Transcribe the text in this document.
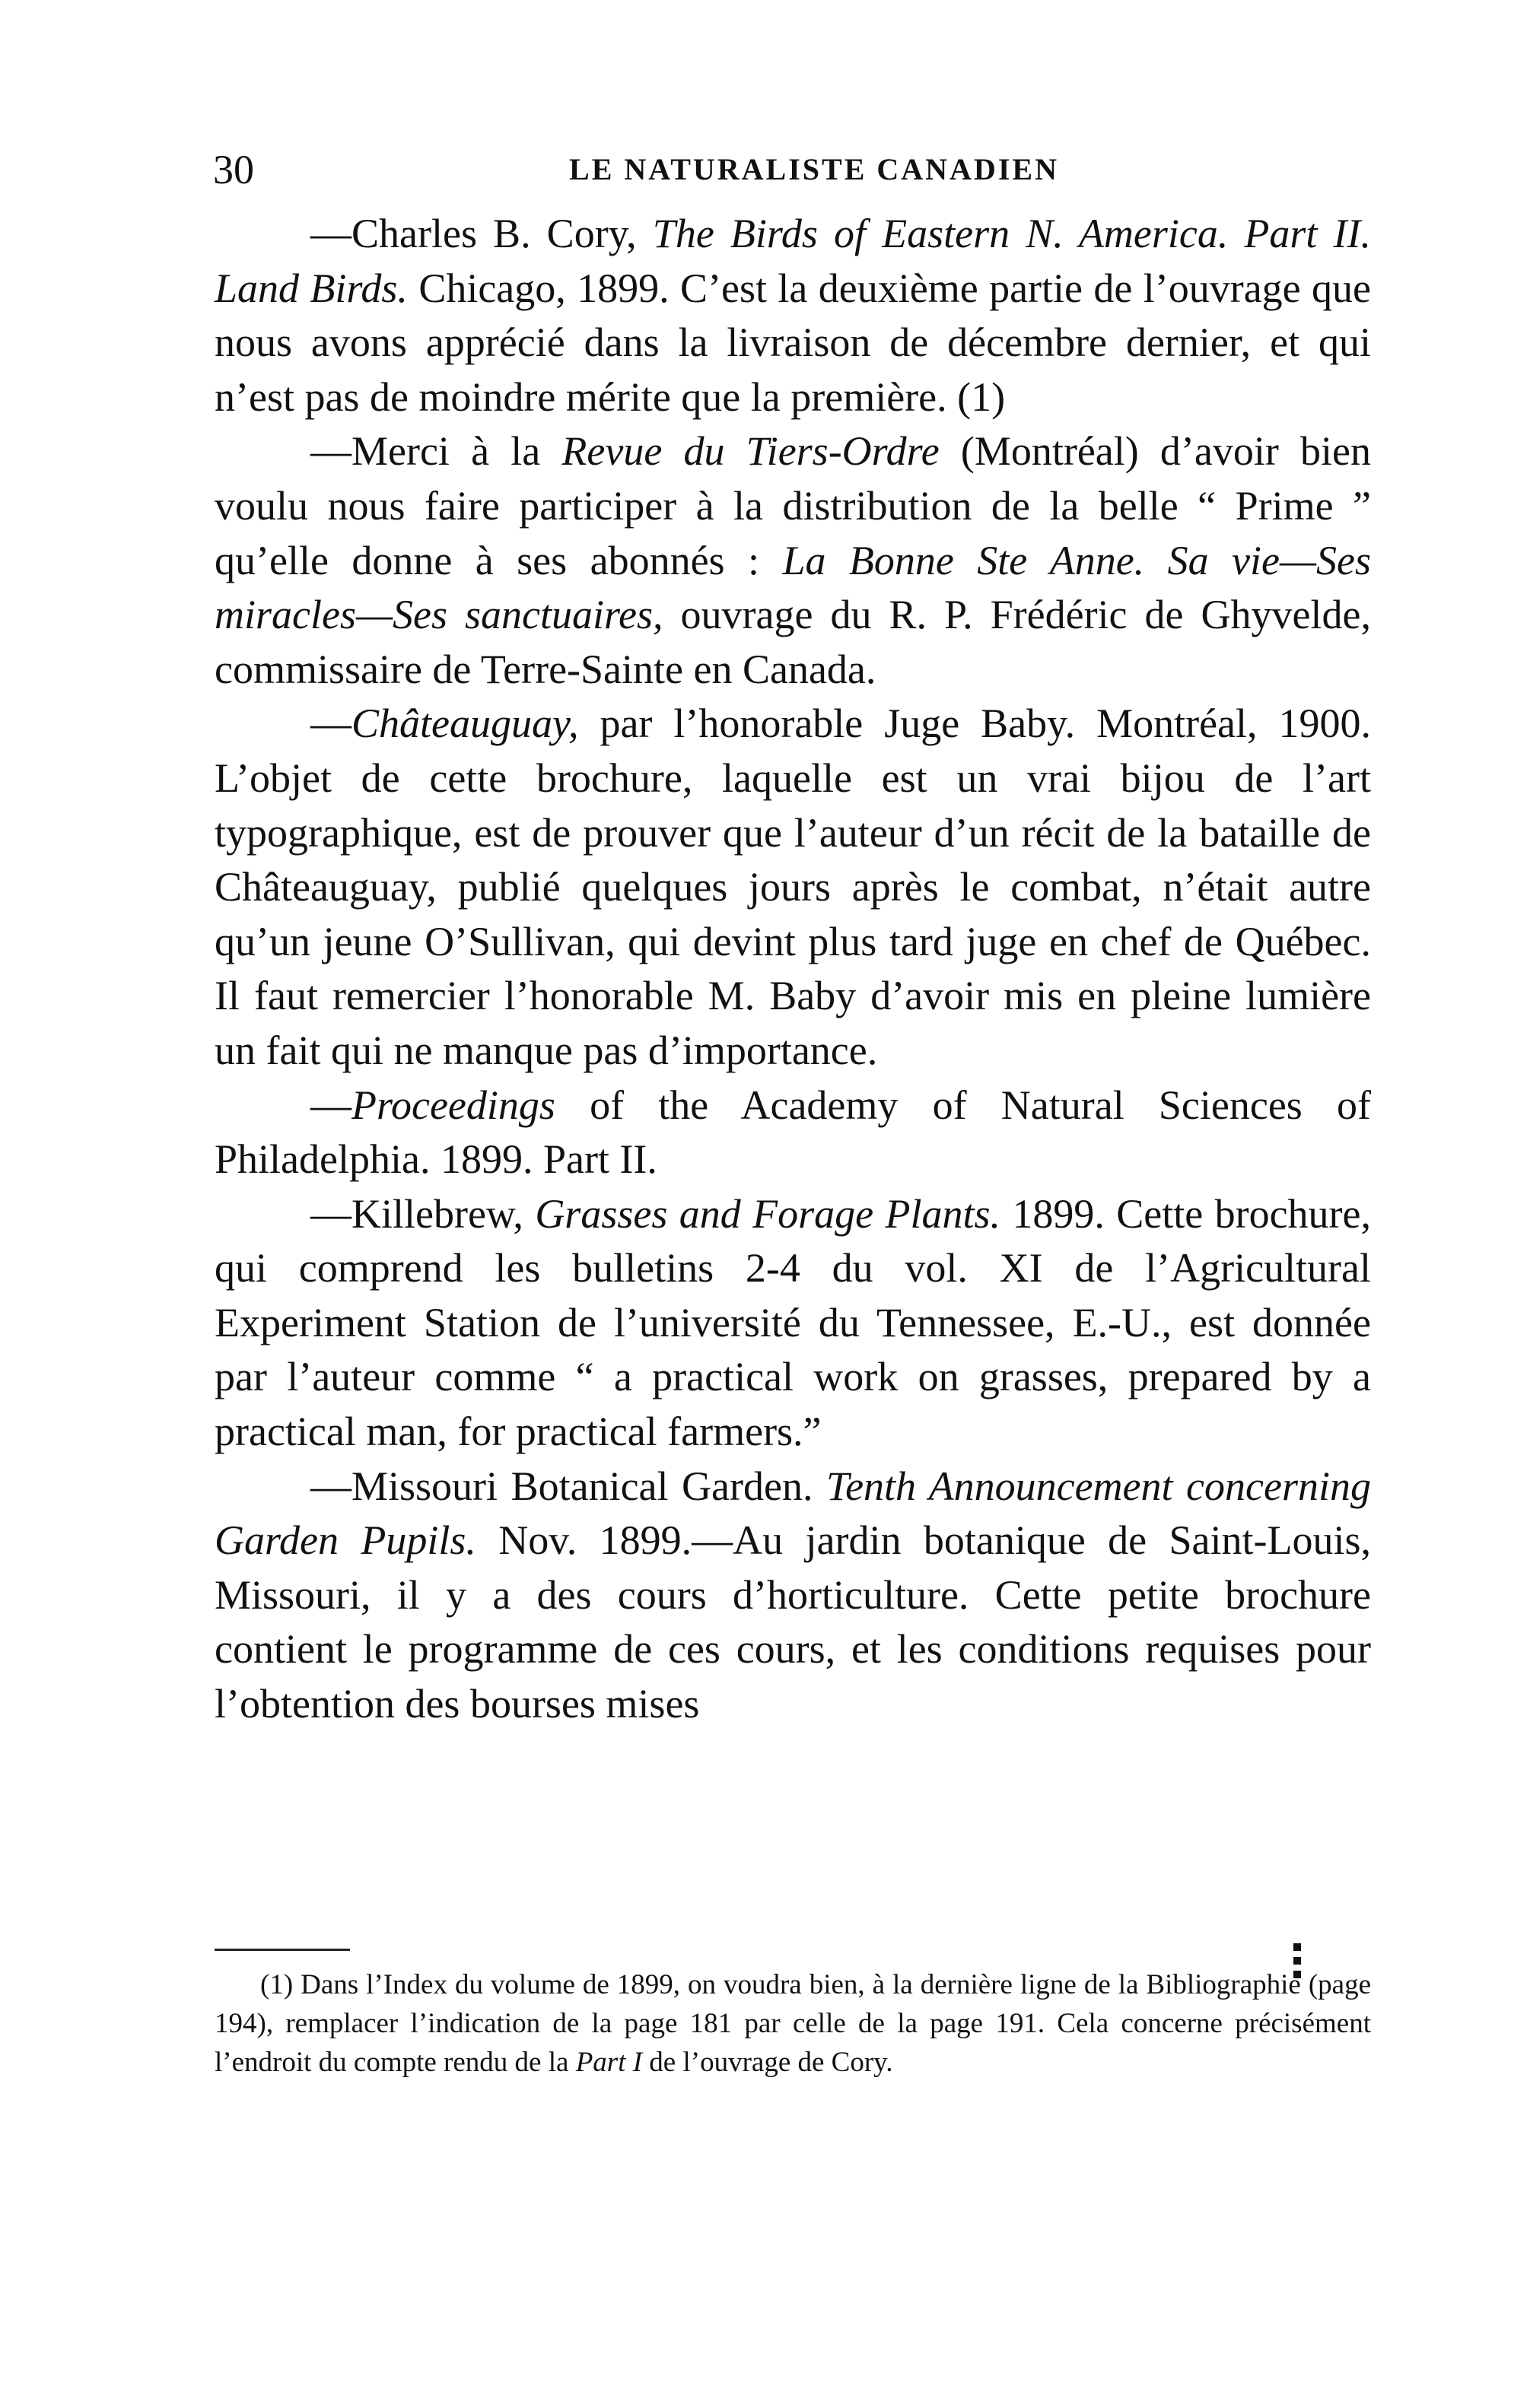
30	LE NATURALISTE CANADIEN

—Charles B. Cory, The Birds of Eastern N. America. Part II. Land Birds. Chicago, 1899. C’est la deuxième partie de l’ouvrage que nous avons apprécié dans la livraison de décembre dernier, et qui n’est pas de moindre mérite que la première. (1)

—Merci à la Revue du Tiers-Ordre (Montréal) d’avoir bien voulu nous faire participer à la distribution de la belle “ Prime ” qu’elle donne à ses abonnés : La Bonne Ste Anne. Sa vie—Ses miracles—Ses sanctuaires, ouvrage du R. P. Frédéric de Ghyvelde, commissaire de Terre-Sainte en Canada.

—Châteauguay, par l’honorable Juge Baby. Montréal, 1900. L’objet de cette brochure, laquelle est un vrai bijou de l’art typographique, est de prouver que l’auteur d’un récit de la bataille de Châteauguay, publié quelques jours après le combat, n’était autre qu’un jeune O’Sullivan, qui devint plus tard juge en chef de Québec. Il faut remercier l’honorable M. Baby d’avoir mis en pleine lumière un fait qui ne manque pas d’importance.

—Proceedings of the Academy of Natural Sciences of Philadelphia. 1899. Part II.

—Killebrew, Grasses and Forage Plants. 1899. Cette brochure, qui comprend les bulletins 2-4 du vol. XI de l’Agricultural Experiment Station de l’université du Tennessee, E.-U., est donnée par l’auteur comme “ a practical work on grasses, prepared by a practical man, for practical farmers.”

—Missouri Botanical Garden. Tenth Announcement concerning Garden Pupils. Nov. 1899.—Au jardin botanique de Saint-Louis, Missouri, il y a des cours d’horticulture. Cette petite brochure contient le programme de ces cours, et les conditions requises pour l’obtention des bourses mises

(1) Dans l’Index du volume de 1899, on voudra bien, à la dernière ligne de la Bibliographie (page 194), remplacer l’indication de la page 181 par celle de la page 191. Cela concerne précisément l’endroit du compte rendu de la Part I de l’ouvrage de Cory.
